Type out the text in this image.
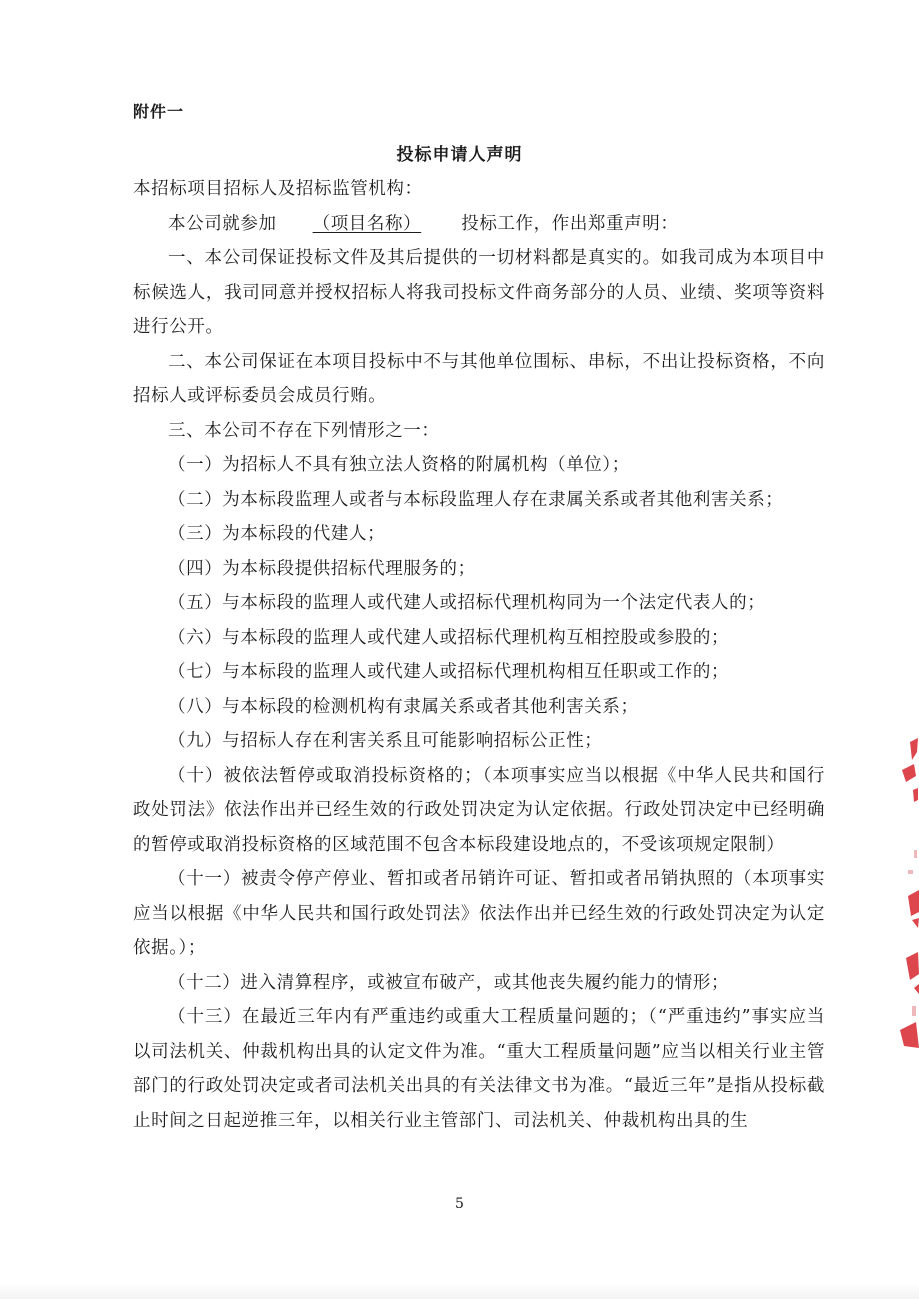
附件一
投标申请人声明

本招标项目招标人及招标监管机构：

本公司就参加 （项目名称） 投标工作，作出郑重声明：

一、本公司保证投标文件及其后提供的一切材料都是真实的。如我司成为本项目中标候选人，我司同意并授权招标人将我司投标文件商务部分的人员、业绩、奖项等资料进行公开。

二、本公司保证在本项目投标中不与其他单位围标、串标，不出让投标资格，不向招标人或评标委员会成员行贿。

三、本公司不存在下列情形之一：

（一）为招标人不具有独立法人资格的附属机构（单位）；

（二）为本标段监理人或者与本标段监理人存在隶属关系或者其他利害关系；

（三）为本标段的代建人；

（四）为本标段提供招标代理服务的；

（五）与本标段的监理人或代建人或招标代理机构同为一个法定代表人的；

（六）与本标段的监理人或代建人或招标代理机构互相控股或参股的；

（七）与本标段的监理人或代建人或招标代理机构相互任职或工作的；

（八）与本标段的检测机构有隶属关系或者其他利害关系；

（九）与招标人存在利害关系且可能影响招标公正性；

（十）被依法暂停或取消投标资格的；（本项事实应当以根据《中华人民共和国行政处罚法》依法作出并已经生效的行政处罚决定为认定依据。行政处罚决定中已经明确的暂停或取消投标资格的区域范围不包含本标段建设地点的，不受该项规定限制）

（十一）被责令停产停业、暂扣或者吊销许可证、暂扣或者吊销执照的（本项事实应当以根据《中华人民共和国行政处罚法》依法作出并已经生效的行政处罚决定为认定依据。）；

（十二）进入清算程序，或被宣布破产，或其他丧失履约能力的情形；

（十三）在最近三年内有严重违约或重大工程质量问题的；（“严重违约”事实应当以司法机关、仲裁机构出具的认定文件为准。“重大工程质量问题”应当以相关行业主管部门的行政处罚决定或者司法机关出具的有关法律文书为准。“最近三年”是指从投标截止时间之日起逆推三年，以相关行业主管部门、司法机关、仲裁机构出具的生

5
